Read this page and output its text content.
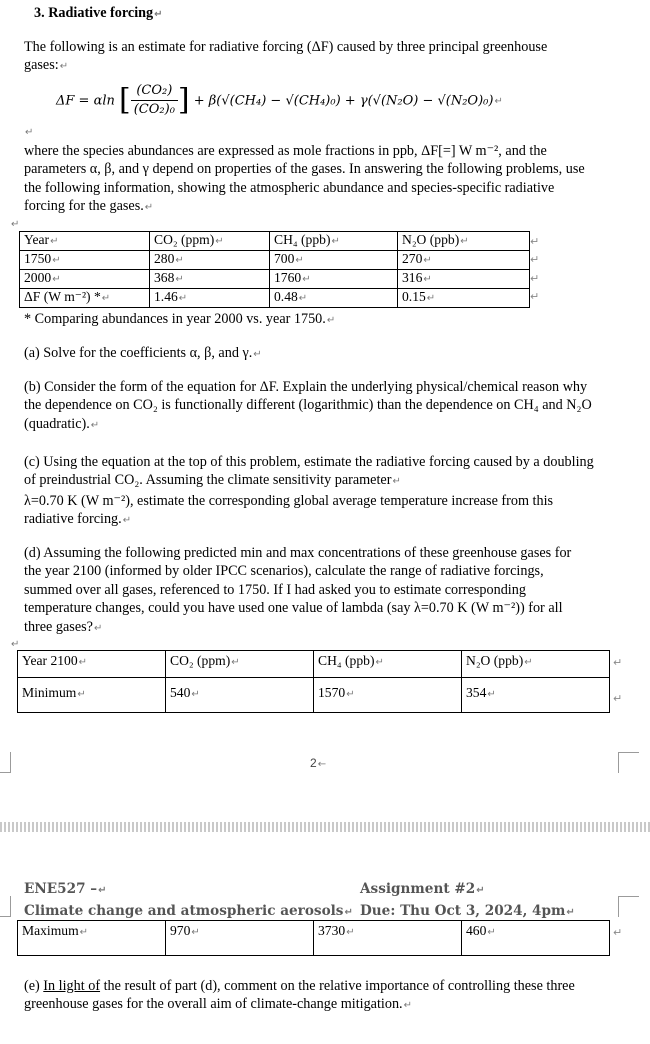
3. Radiative forcing↵
The following is an estimate for radiative forcing (ΔF) caused by three principal greenhouse gases:↵
ΔF = αln [ $\frac{\text{(CO₂)}}{\text{(CO₂)₀}}$ ] + β(√(CH₄) − √(CH₄)₀) + γ(√(N₂O) − √(N₂O)₀)↵
↵
where the species abundances are expressed as mole fractions in ppb, ΔF[=] W m⁻², and the parameters α, β, and γ depend on properties of the gases. In answering the following problems, use the following information, showing the atmospheric abundance and species-specific radiative forcing for the gases.↵
↵
Year↵	CO₂ (ppm)↵	CH₄ (ppb)↵	N₂O (ppb)↵
1750↵	280↵	700↵	270↵
2000↵	368↵	1760↵	316↵
ΔF (W m⁻²) *↵	1.46↵	0.48↵	0.15↵
↵
↵
↵
↵
* Comparing abundances in year 2000 vs. year 1750.↵
(a) Solve for the coefficients α, β, and γ.↵
(b) Consider the form of the equation for ΔF. Explain the underlying physical/chemical reason why the dependence on CO₂ is functionally different (logarithmic) than the dependence on CH₄ and N₂O (quadratic).↵
(c) Using the equation at the top of this problem, estimate the radiative forcing caused by a doubling of preindustrial CO₂. Assuming the climate sensitivity parameter↵
λ=0.70 K (W m⁻²), estimate the corresponding global average temperature increase from this radiative forcing.↵
(d) Assuming the following predicted min and max concentrations of these greenhouse gases for the year 2100 (informed by older IPCC scenarios), calculate the range of radiative forcings, summed over all gases, referenced to 1750. If I had asked you to estimate corresponding temperature changes, could you have used one value of lambda (say λ=0.70 K (W m⁻²)) for all three gases?↵
↵
Year 2100↵	CO₂ (ppm)↵	CH₄ (ppb)↵	N₂O (ppb)↵
Minimum↵	540↵	1570↵	354↵
↵
↵
2←
ENE527 –↵
Climate change and atmospheric aerosols↵
Assignment #2↵
Due: Thu Oct 3, 2024, 4pm↵
Maximum↵	970↵	3730↵	460↵	↵
(e) In light of the result of part (d), comment on the relative importance of controlling these three greenhouse gases for the overall aim of climate-change mitigation.↵
